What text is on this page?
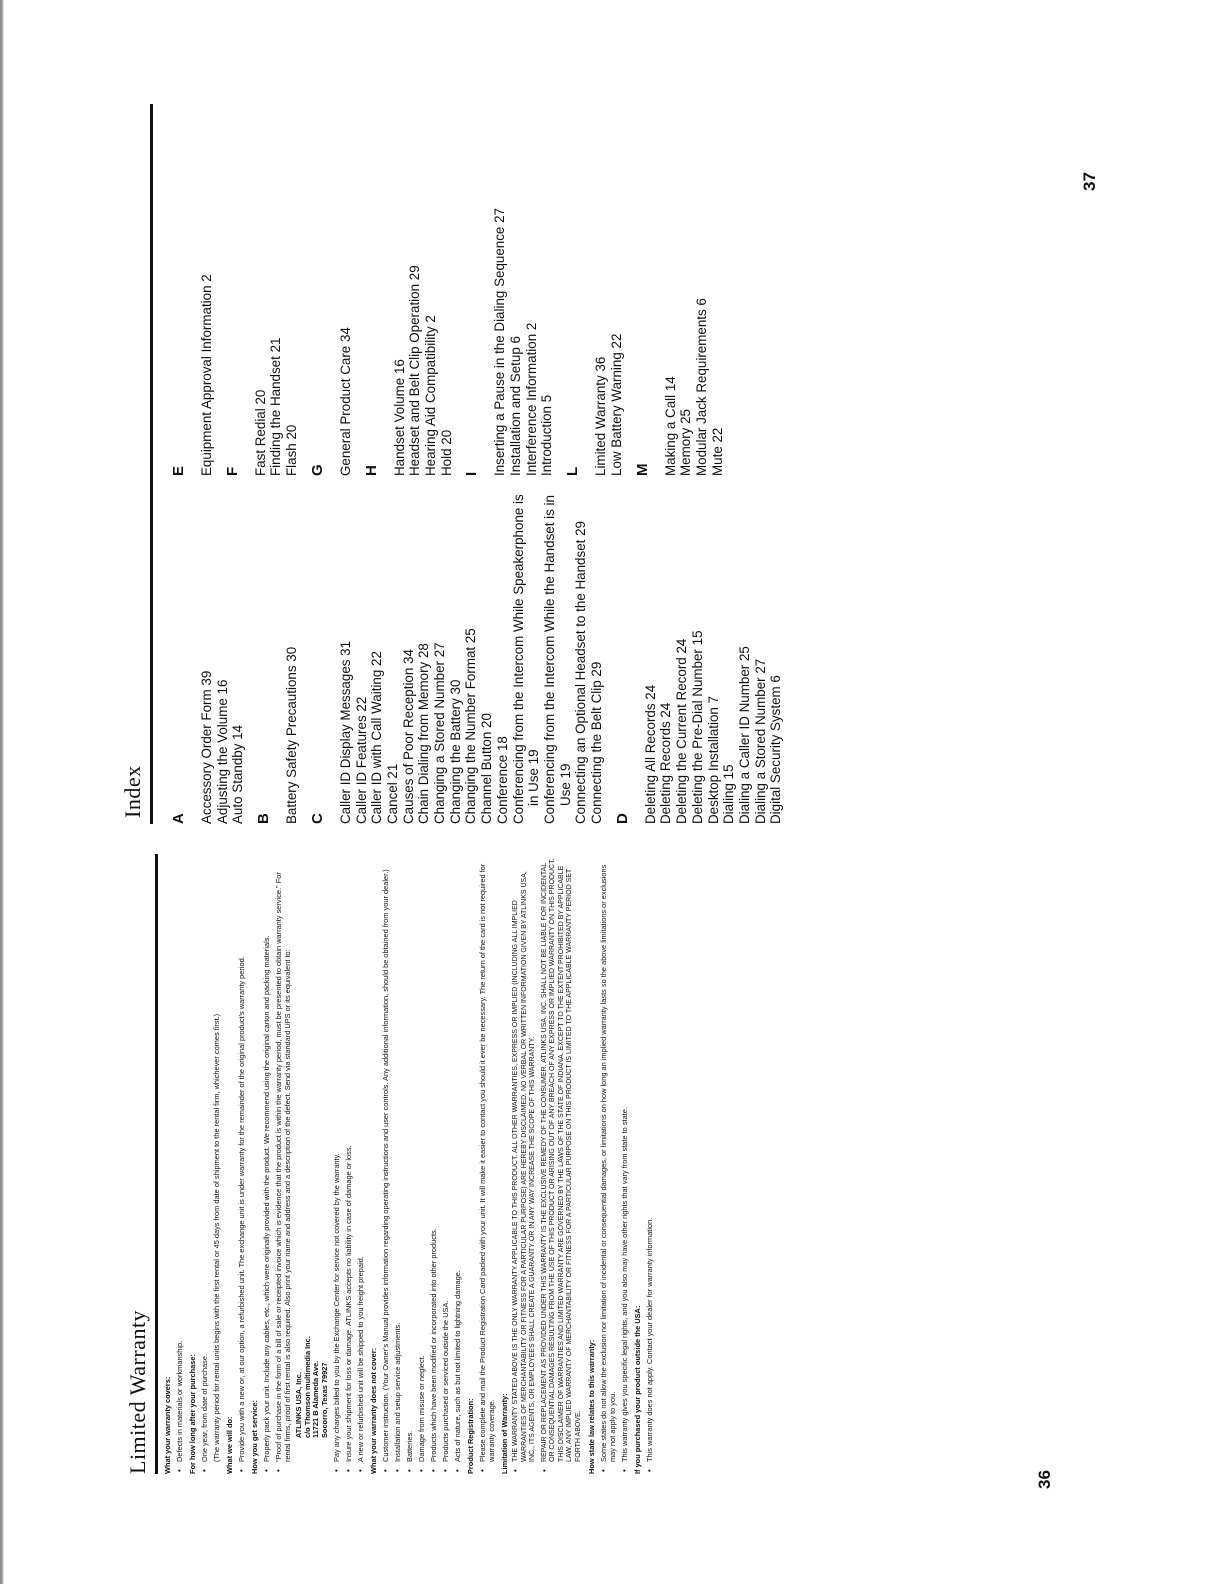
Limited Warranty What your warranty covers: • Defects in materials or workmanship. For how long after your purchase: • One year, from date of purchase. (The warranty period for rental units begins with the first rental or 45 days from date of shipment to the rental firm, whichever comes first.) What we will do: • Provide you with a new or, at our option, a refurbished unit. The exchange unit is under warranty for the remainder of the original product's warranty period. How you get service: • Properly pack your unit. Include any cables, etc., which were originally provided with the product. We recommend using the original carton and packing materials. • "Proof of purchase in the form of a bill of sale or receipted invoice which is evidence that the product is within the warranty period, must be presented to obtain warranty service." For rental firms, proof of first rental is also required. Also print your name and address and a description of the defect. Send via standard UPS or its equivalent to: ATLINKS USA, Inc. c/o Thomson multimedia Inc. 11721 B Alameda Ave. Socorro, Texas 79927 • Pay any charges billed to you by the Exchange Center for service not covered by the warranty. • Insure your shipment for loss or damage. ATLINKS accepts no liability in case of damage or loss. • A new or refurbished unit will be shipped to you freight prepaid. What your warranty does not cover: • Customer instruction. (Your Owner's Manual provides information regarding operating instructions and user controls. Any additional information, should be obtained from your dealer.) • Installation and setup service adjustments. • Batteries. • Damage from misuse or neglect. • Products which have been modified or incorporated into other products. • Products purchased or serviced outside the USA. • Acts of nature, such as but not limited to lightning damage. Product Registration: • Please complete and mail the Product Registration Card packed with your unit. It will make it easier to contact you should it ever be necessary. The return of the card is not required for warranty coverage. Limitation of Warranty: • THE WARRANTY STATED ABOVE IS THE ONLY WARRANTY APPLICABLE TO THIS PRODUCT. ALL OTHER WARRANTIES, EXPRESS OR IMPLIED (INCLUDING ALL IMPLIED WARRANTIES OF MERCHANTABILITY OR FITNESS FOR A PARTICULAR PURPOSE) ARE HEREBY DISCLAIMED. NO VERBAL OR WRITTEN INFORMATION GIVEN BY ATLINKS USA, INC., ITS AGENTS, OR EMPLOYEES SHALL CREATE A GUARANTY OR IN ANY WAY INCREASE THE SCOPE OF THIS WARRANTY. • REPAIR OR REPLACEMENT AS PROVIDED UNDER THIS WARRANTY IS THE EXCLUSIVE REMEDY OF THE CONSUMER. ATLINKS USA, INC. SHALL NOT BE LIABLE FOR INCIDENTAL OR CONSEQUENTIAL DAMAGES RESULTING FROM THE USE OF THIS PRODUCT OR ARISING OUT OF ANY BREACH OF ANY EXPRESS OR IMPLIED WARRANTY ON THIS PRODUCT. THIS DISCLAIMER OF WARRANTIES AND LIMITED WARRANTY ARE GOVERNED BY THE LAWS OF THE STATE OF INDIANA. EXCEPT TO THE EXTENT PROHIBITED BY APPLICABLE LAW, ANY IMPLIED WARRANTY OF MERCHANTABILITY OR FITNESS FOR A PARTICULAR PURPOSE ON THIS PRODUCT IS LIMITED TO THE APPLICABLE WARRANTY PERIOD SET FORTH ABOVE. How state law relates to this warranty: • Some states do not allow the exclusion nor limitation of incidental or consequential damages, or limitations on how long an implied warranty lasts so the above limitations or exclusions may not apply to you. • This warranty gives you specific legal rights, and you also may have other rights that vary from state to state. If you purchased your product outside the USA: • This warranty does not apply. Contact your dealer for warranty information.
36
Index
A Accessory Order Form 39 Adjusting the Volume 16 Auto Standby 14 B Battery Safety Precautions 30 C Caller ID Display Messages 31 Caller ID Features 22 Caller ID with Call Waiting 22 Cancel 21 Causes of Poor Reception 34 Chain Dialing from Memory 28 Changing a Stored Number 27 Changing the Battery 30 Changing the Number Format 25 Channel Button 20 Conference 18 Conferencing from the Intercom While Speakerphone is in Use 19 Conferencing from the Intercom While the Handset is in Use 19 Connecting an Optional Headset to the Handset 29 Connecting the Belt Clip 29 D Deleting All Records 24 Deleting Records 24 Deleting the Current Record 24 Deleting the Pre-Dial Number 15 Desktop Installation 7 Dialing 15 Dialing a Caller ID Number 25 Dialing a Stored Number 27 Digital Security System 6
E Equipment Approval Information 2 F Fast Redial 20 Finding the Handset 21 Flash 20 G General Product Care 34 H Handset Volume 16 Headset and Belt Clip Operation 29 Hearing Aid Compatibility 2 Hold 20 I Inserting a Pause in the Dialing Sequence 27 Installation and Setup 6 Interference Information 2 Introduction 5 L Limited Warranty 36 Low Battery Warning 22 M Making a Call 14 Memory 25 Modular Jack Requirements 6 Mute 22
37
